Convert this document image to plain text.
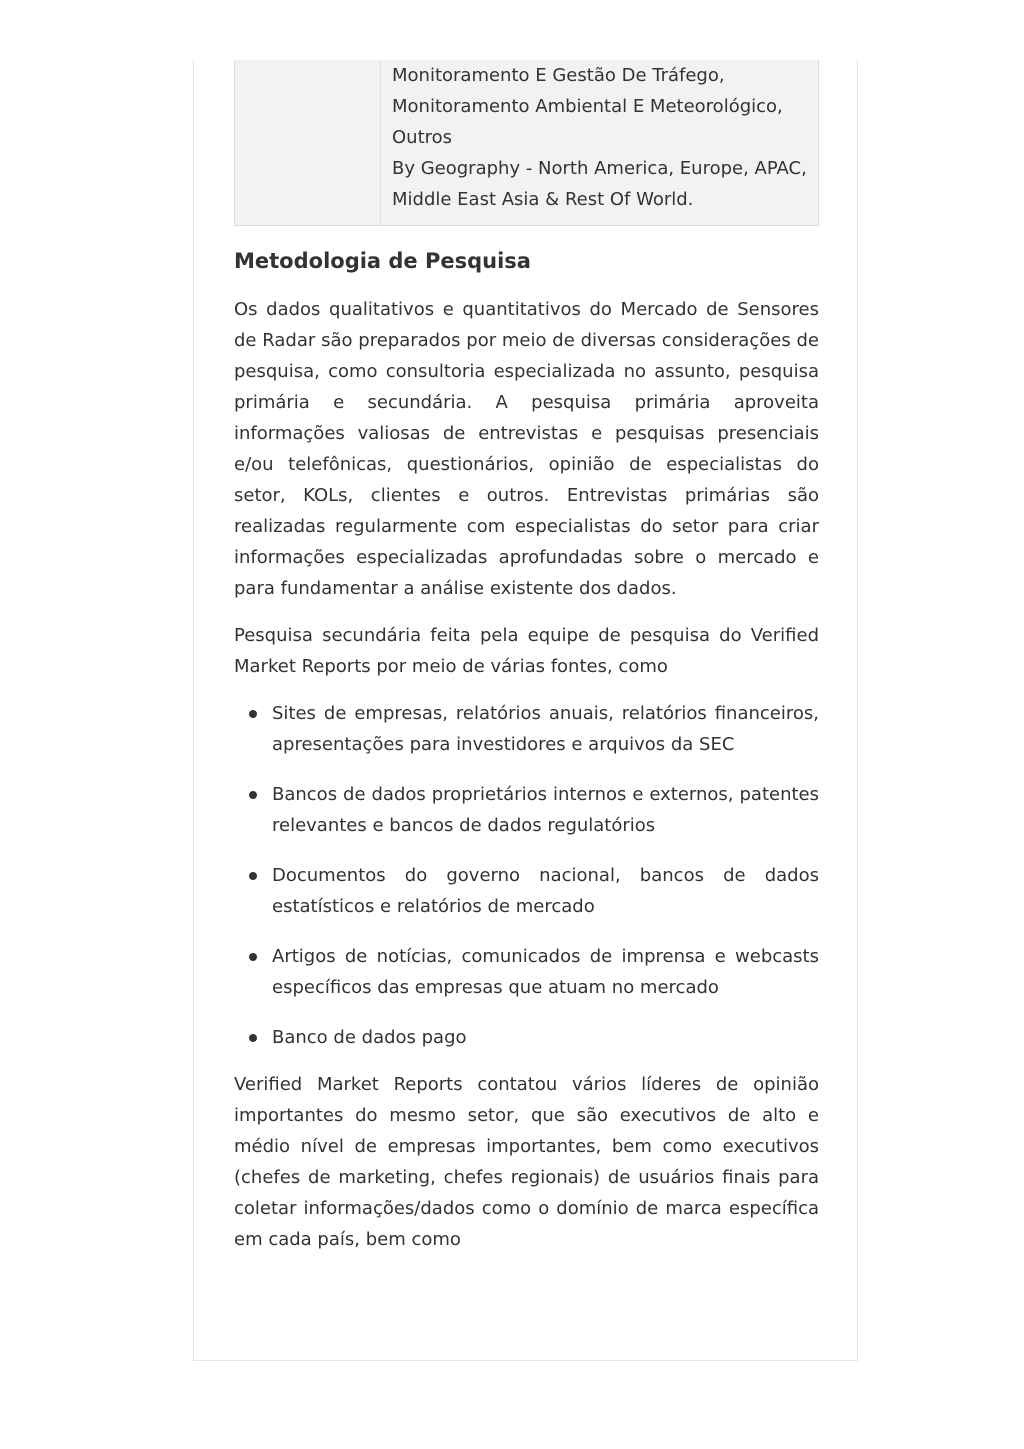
Monitoramento E Gestão De Tráfego,
Monitoramento Ambiental E Meteorológico,
Outros
By Geography - North America, Europe, APAC,
Middle East Asia & Rest Of World.
Metodologia de Pesquisa

Os dados qualitativos e quantitativos do Mercado de Sensores de Radar são preparados por meio de diversas considerações de pesquisa, como consultoria especializada no assunto, pesquisa primária e secundária. A pesquisa primária aproveita informações valiosas de entrevistas e pesquisas presenciais e/ou telefônicas, questionários, opinião de especialistas do setor, KOLs, clientes e outros. Entrevistas primárias são realizadas regularmente com especialistas do setor para criar informações especializadas aprofundadas sobre o mercado e para fundamentar a análise existente dos dados.

Pesquisa secundária feita pela equipe de pesquisa do Verified Market Reports por meio de várias fontes, como

Sites de empresas, relatórios anuais, relatórios financeiros, apresentações para investidores e arquivos da SEC
Bancos de dados proprietários internos e externos, patentes relevantes e bancos de dados regulatórios
Documentos do governo nacional, bancos de dados estatísticos e relatórios de mercado
Artigos de notícias, comunicados de imprensa e webcasts específicos das empresas que atuam no mercado
Banco de dados pago

Verified Market Reports contatou vários líderes de opinião importantes do mesmo setor, que são executivos de alto e médio nível de empresas importantes, bem como executivos (chefes de marketing, chefes regionais) de usuários finais para coletar informações/dados como o domínio de marca específica em cada país, bem como
